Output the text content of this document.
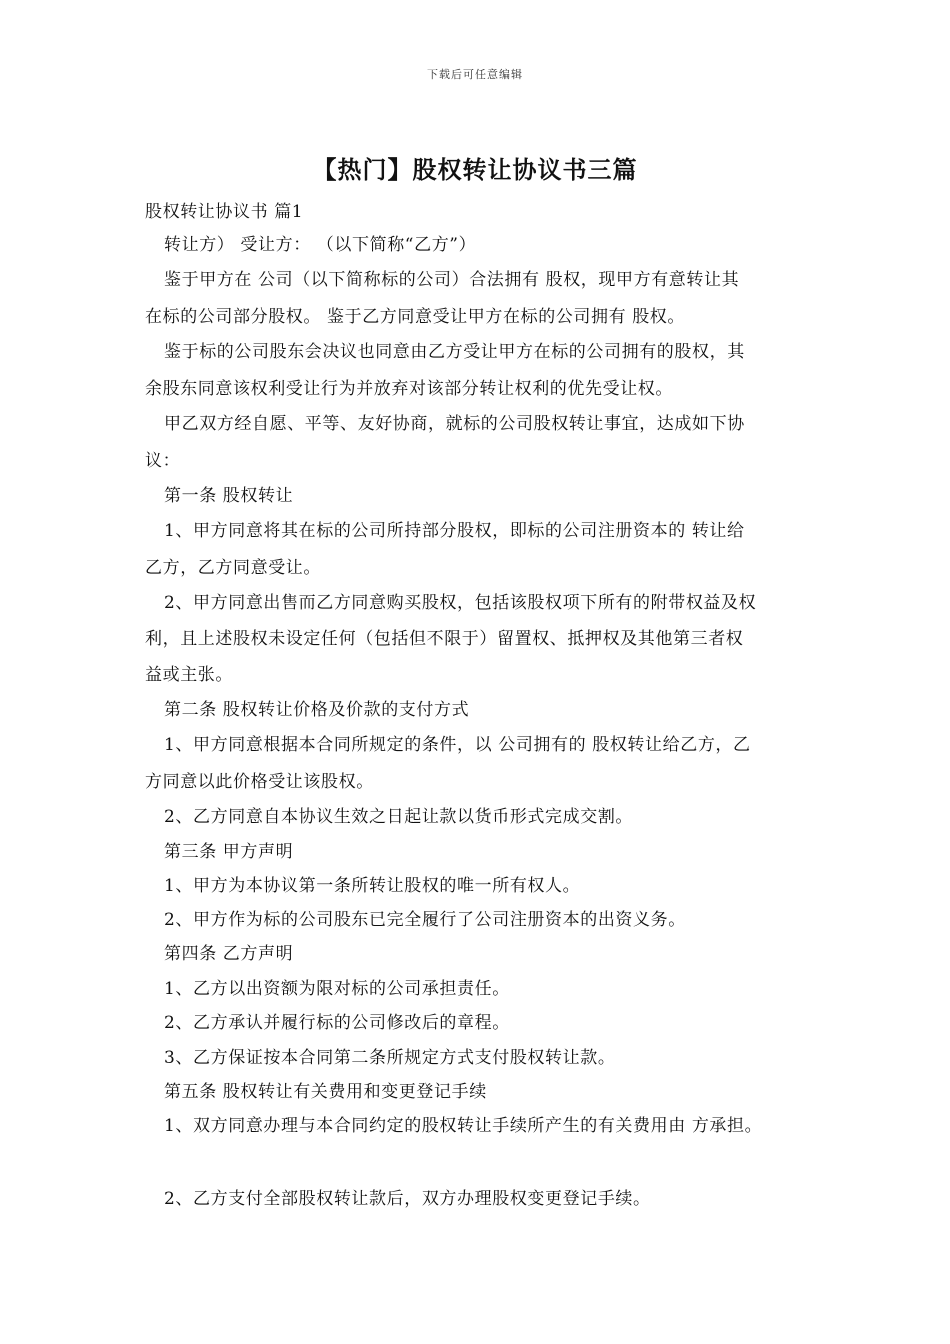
下载后可任意编辑
【热门】股权转让协议书三篇
股权转让协议书 篇1
转让方） 受让方： （以下简称“乙方”）
鉴于甲方在 公司（以下简称标的公司）合法拥有 股权，现甲方有意转让其
在标的公司部分股权。 鉴于乙方同意受让甲方在标的公司拥有 股权。
鉴于标的公司股东会决议也同意由乙方受让甲方在标的公司拥有的股权，其
余股东同意该权利受让行为并放弃对该部分转让权利的优先受让权。
甲乙双方经自愿、平等、友好协商，就标的公司股权转让事宜，达成如下协
议：
第一条 股权转让
1、甲方同意将其在标的公司所持部分股权，即标的公司注册资本的 转让给
乙方，乙方同意受让。
2、甲方同意出售而乙方同意购买股权，包括该股权项下所有的附带权益及权
利，且上述股权未设定任何（包括但不限于）留置权、抵押权及其他第三者权
益或主张。
第二条 股权转让价格及价款的支付方式
1、甲方同意根据本合同所规定的条件，以 公司拥有的 股权转让给乙方，乙
方同意以此价格受让该股权。
2、乙方同意自本协议生效之日起让款以货币形式完成交割。
第三条 甲方声明
1、甲方为本协议第一条所转让股权的唯一所有权人。
2、甲方作为标的公司股东已完全履行了公司注册资本的出资义务。
第四条 乙方声明
1、乙方以出资额为限对标的公司承担责任。
2、乙方承认并履行标的公司修改后的章程。
3、乙方保证按本合同第二条所规定方式支付股权转让款。
第五条 股权转让有关费用和变更登记手续
1、双方同意办理与本合同约定的股权转让手续所产生的有关费用由 方承担。
2、乙方支付全部股权转让款后，双方办理股权变更登记手续。
